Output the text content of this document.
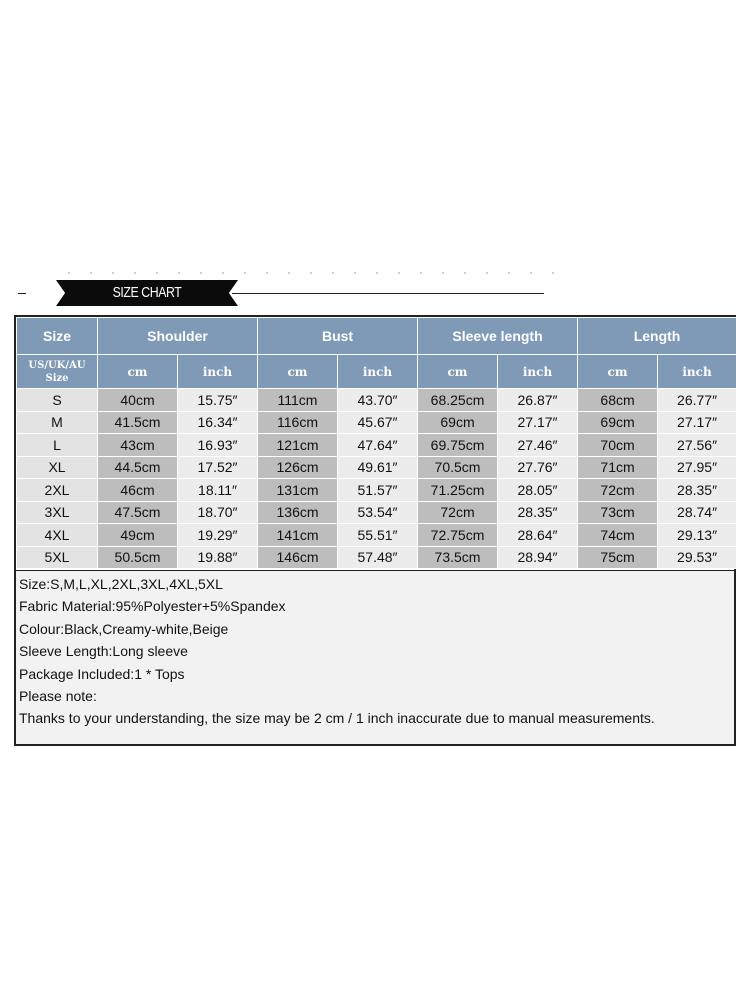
SIZE CHART
Size	Shoulder		Bust		Sleeve length		Length	
US/UK/AU
Size	cm	inch	cm	inch	cm	inch	cm	inch
S	40cm	15.75″	111cm	43.70″	68.25cm	26.87″	68cm	26.77″
M	41.5cm	16.34″	116cm	45.67″	69cm	27.17″	69cm	27.17″
L	43cm	16.93″	121cm	47.64″	69.75cm	27.46″	70cm	27.56″
XL	44.5cm	17.52″	126cm	49.61″	70.5cm	27.76″	71cm	27.95″
2XL	46cm	18.11″	131cm	51.57″	71.25cm	28.05″	72cm	28.35″
3XL	47.5cm	18.70″	136cm	53.54″	72cm	28.35″	73cm	28.74″
4XL	49cm	19.29″	141cm	55.51″	72.75cm	28.64″	74cm	29.13″
5XL	50.5cm	19.88″	146cm	57.48″	73.5cm	28.94″	75cm	29.53″
Size:S,M,L,XL,2XL,3XL,4XL,5XL
Fabric Material:95%Polyester+5%Spandex
Colour:Black,Creamy-white,Beige
Sleeve Length:Long sleeve
Package Included:1 * Tops
Please note:
Thanks to your understanding, the size may be 2 cm / 1 inch inaccurate due to manual measurements.
